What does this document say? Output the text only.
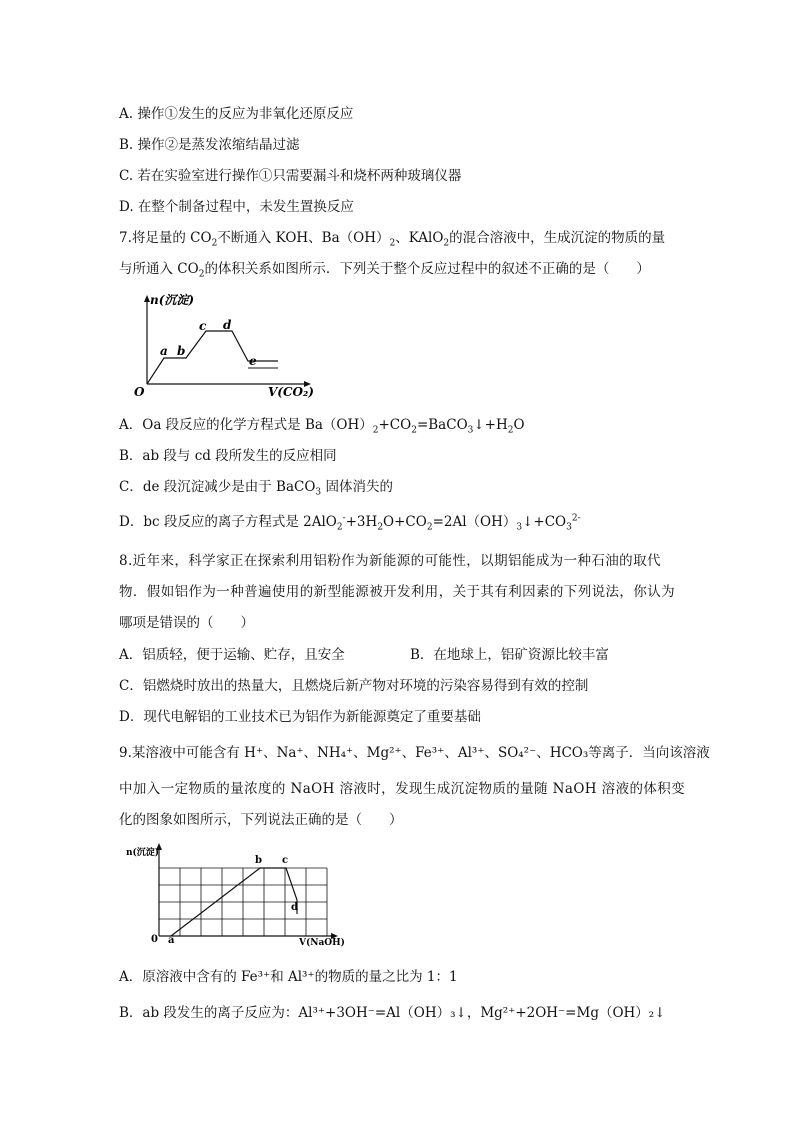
A. 操作①发生的反应为非氧化还原反应
B. 操作②是蒸发浓缩结晶过滤
C. 若在实验室进行操作①只需要漏斗和烧杯两种玻璃仪器
D. 在整个制备过程中，未发生置换反应
7.将足量的 $CO_2$不断通入 KOH、$Ba(OH)_2$、KAlO$_2$的混合溶液中，生成沉淀的物质的量
与所通入 $CO_2$的体积关系如图所示．下列关于整个反应过程中的叙述不正确的是（　　）
n(沉淀)
O	V(CO₂)
a b
c d
e
A．Oa 段反应的化学方程式是 $Ba(OH)_2+CO_2=BaCO_3↓+H_2O$
B．ab 段与 cd 段所发生的反应相同
C．de 段沉淀减少是由于 BaCO$_3$ 固体消失的
D．bc 段反应的离子方程式是 $2AlO_2^-+3H_2O+CO_2=2Al(OH)_3↓+CO_3^{2-}$
8.近年来，科学家正在探索利用铝粉作为新能源的可能性，以期铝能成为一种石油的取代
物．假如铝作为一种普遍使用的新型能源被开发利用，关于其有利因素的下列说法，你认为
哪项是错误的（　　）
A．铝质轻，便于运输、贮存，且安全	B．在地球上，铝矿资源比较丰富
C．铝燃烧时放出的热量大，且燃烧后新产物对环境的污染容易得到有效的控制
D．现代电解铝的工业技术已为铝作为新能源奠定了重要基础
9.某溶液中可能含有 H⁺、Na⁺、NH₄⁺、Mg²⁺、Fe³⁺、Al³⁺、SO₄²⁻、HCO₃等离子．当向该溶液
中加入一定物质的量浓度的 NaOH 溶液时，发现生成沉淀物质的量随 NaOH 溶液的体积变
化的图象如图所示，下列说法正确的是（　　）
n(沉淀)
0 a
b c
d
V(NaOH)
A．原溶液中含有的 Fe³⁺和 Al³⁺的物质的量之比为 1：1
B．ab 段发生的离子反应为：Al³⁺+3OH⁻=Al（OH）₃↓，Mg²⁺+2OH⁻=Mg（OH）₂↓
